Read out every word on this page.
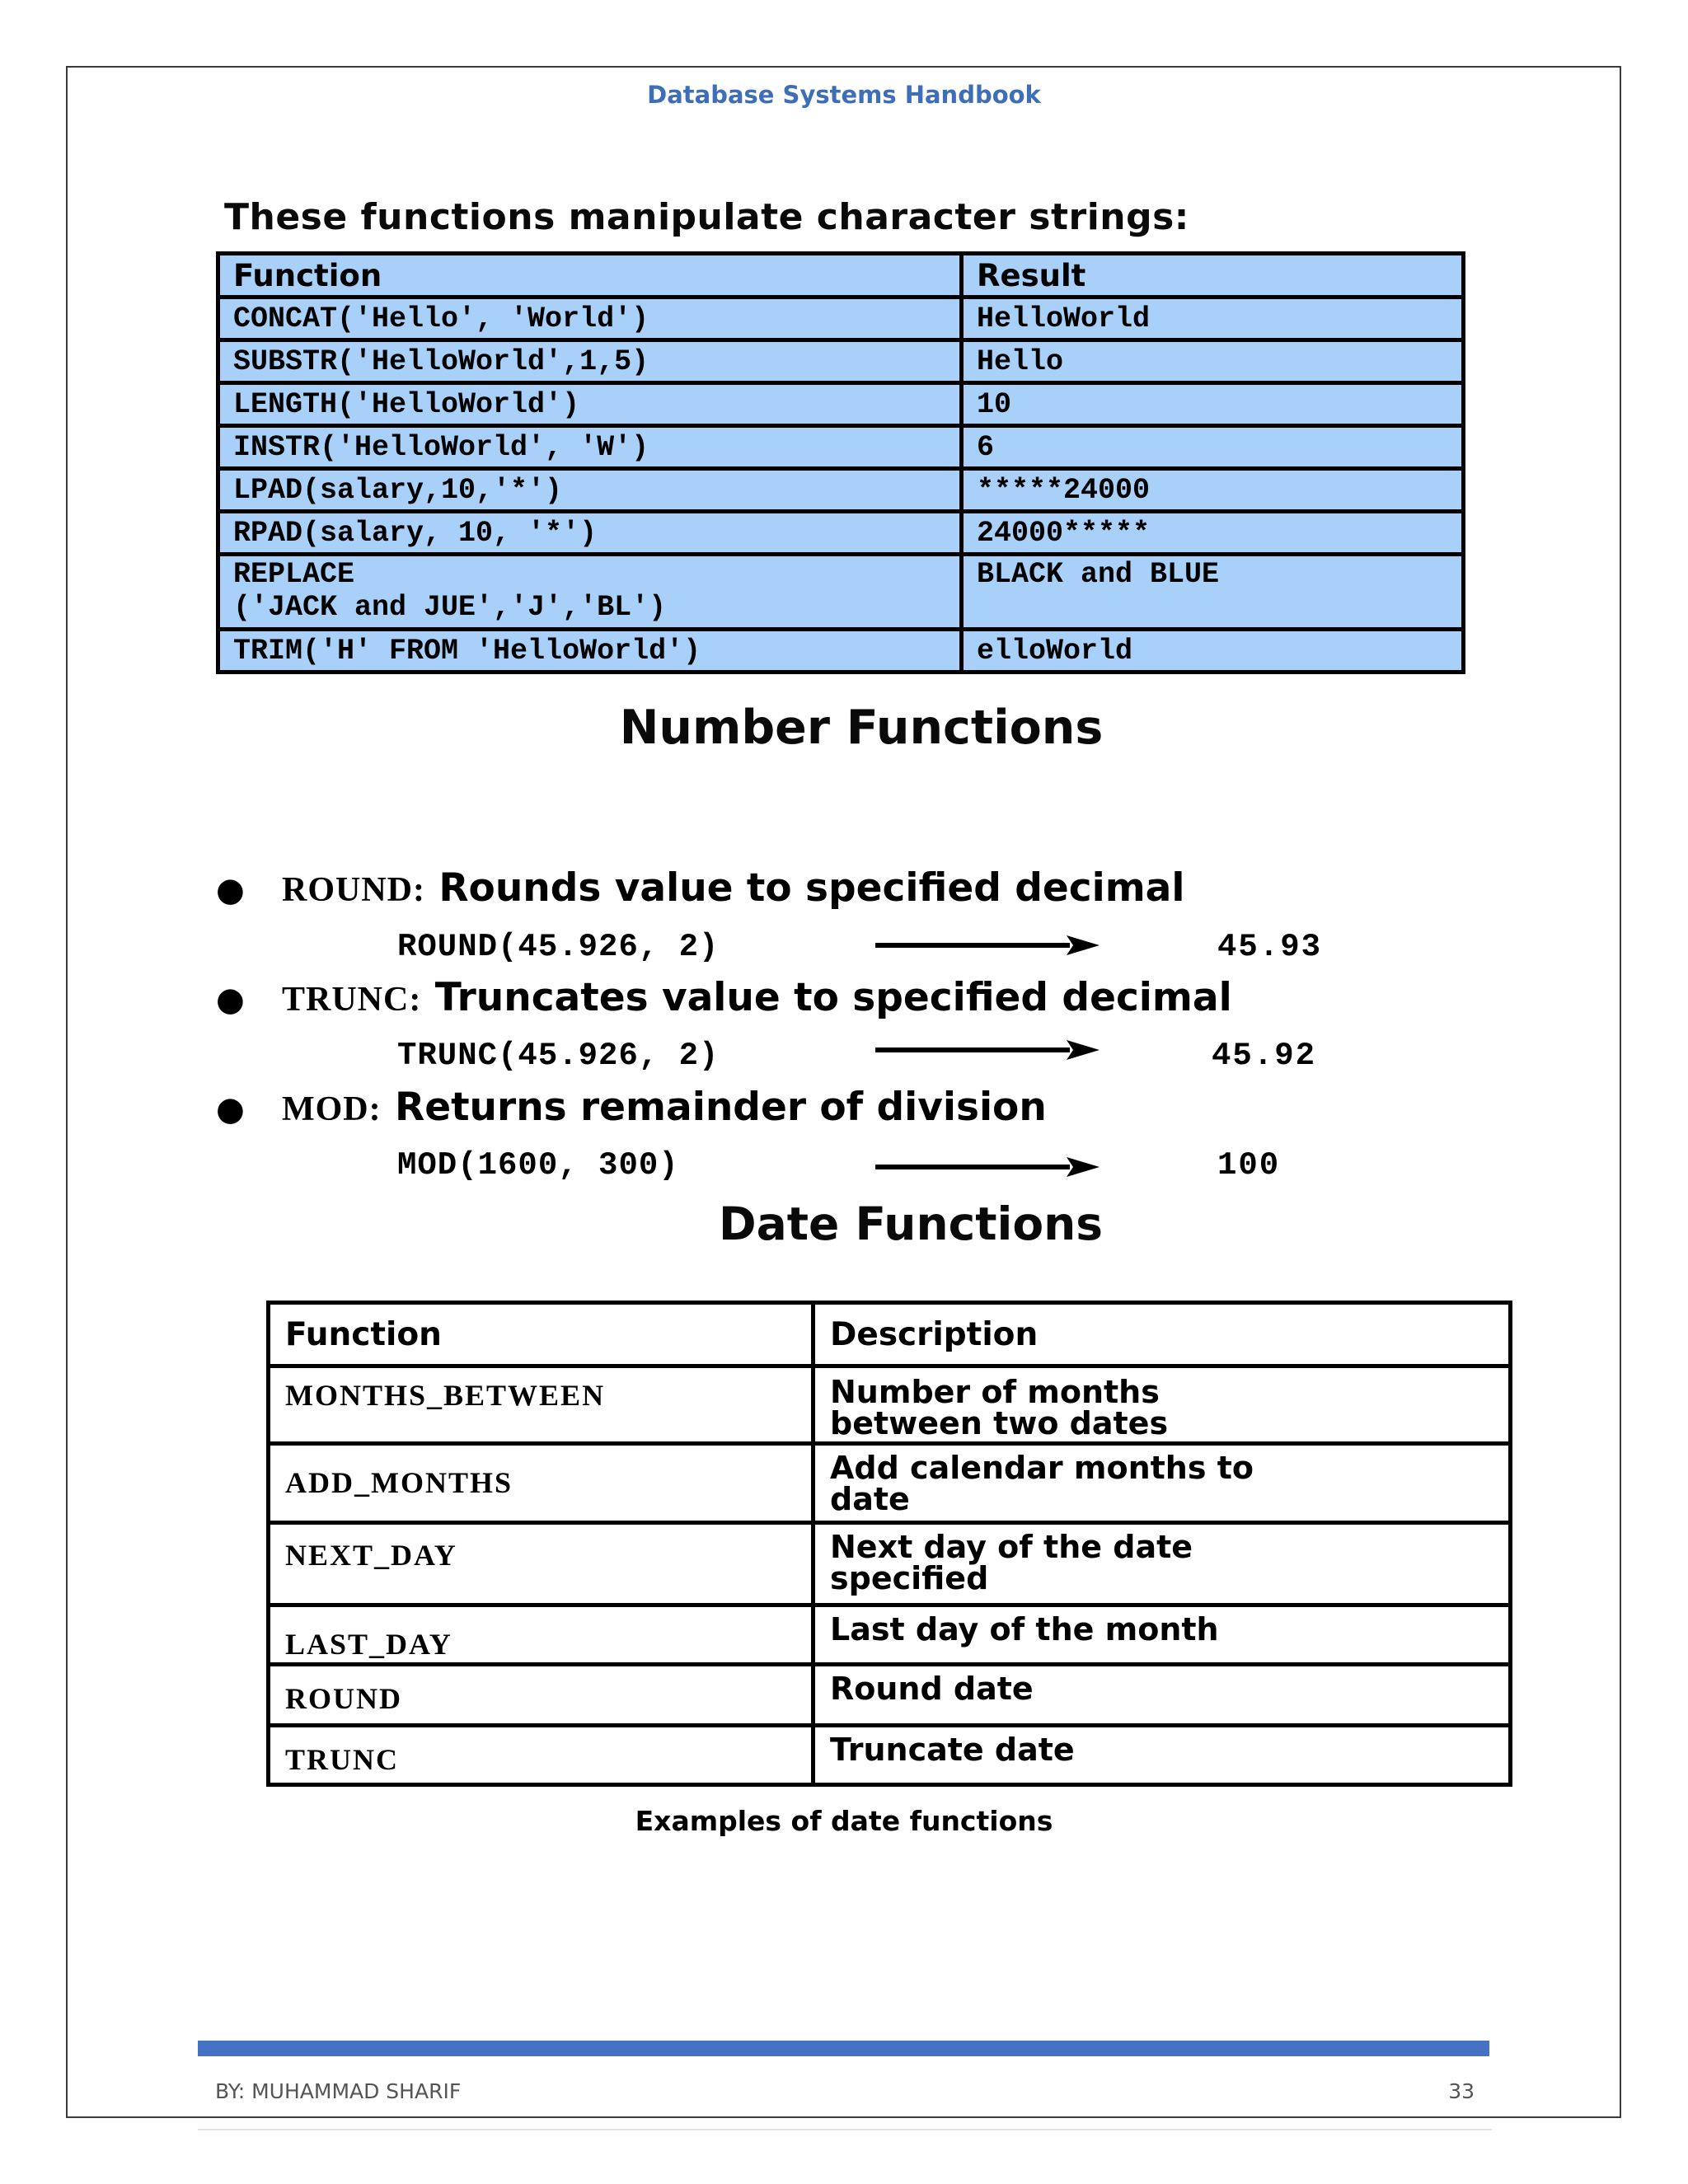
Database Systems Handbook
These functions manipulate character strings:
Function	Result
CONCAT('Hello', 'World')	HelloWorld
SUBSTR('HelloWorld',1,5)	Hello
LENGTH('HelloWorld')	10
INSTR('HelloWorld', 'W')	6
LPAD(salary,10,'*')	*****24000
RPAD(salary, 10, '*')	24000*****
REPLACE
('JACK and JUE','J','BL')	BLACK and BLUE
TRIM('H' FROM 'HelloWorld')	elloWorld
Number Functions
● ROUND: Rounds value to specified decimal
ROUND(45.926, 2)	45.93
● TRUNC: Truncates value to specified decimal
TRUNC(45.926, 2)	45.92
● MOD: Returns remainder of division
MOD(1600, 300)	100
Date Functions
Function	Description
MONTHS_BETWEEN	Number of months
between two dates
ADD_MONTHS	Add calendar months to
date
NEXT_DAY	Next day of the date
specified
LAST_DAY	Last day of the month
ROUND	Round date
TRUNC	Truncate date
Examples of date functions
BY: MUHAMMAD SHARIF	33
